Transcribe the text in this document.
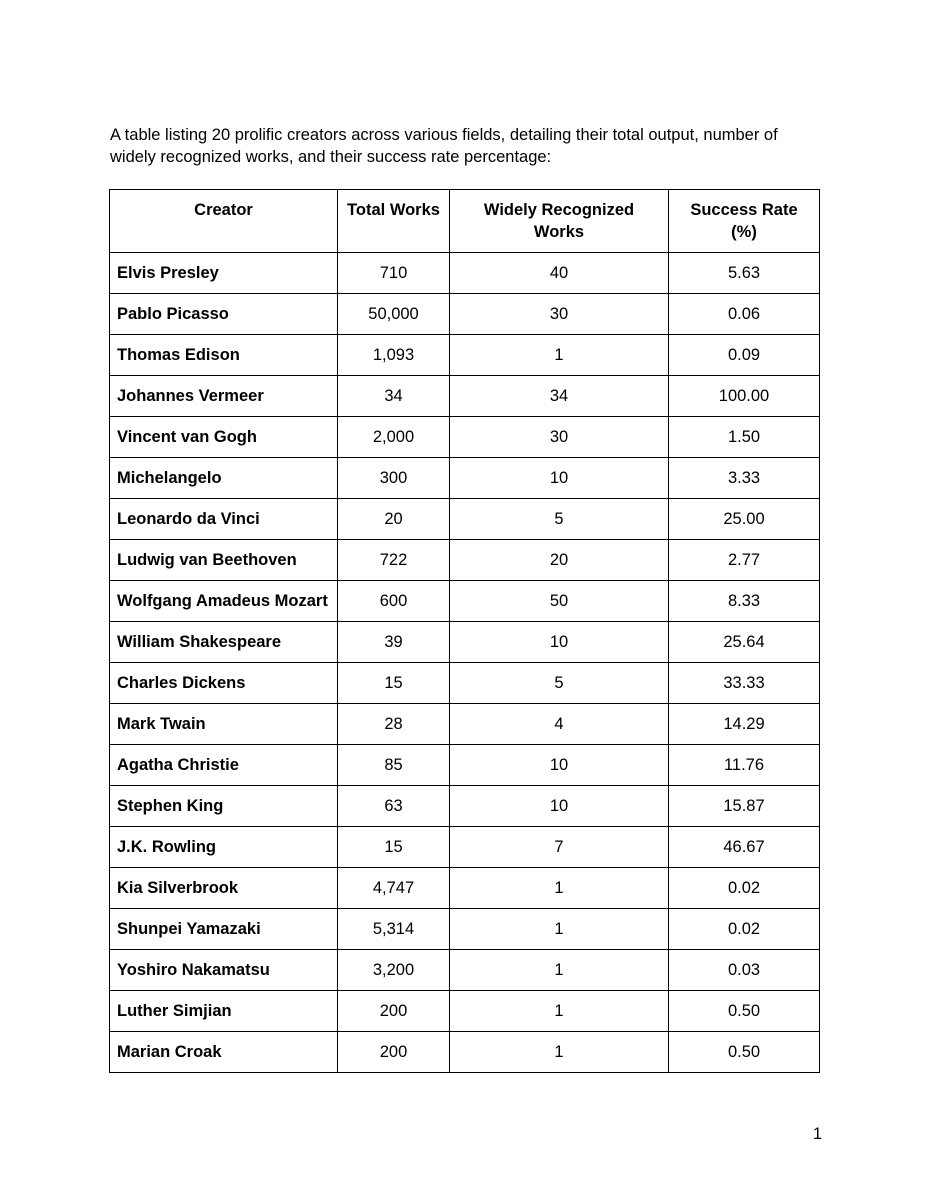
A table listing 20 prolific creators across various fields, detailing their total output, number of widely recognized works, and their success rate percentage:

Creator	Total Works	Widely Recognized Works	Success Rate (%)
Elvis Presley	710	40	5.63
Pablo Picasso	50,000	30	0.06
Thomas Edison	1,093	1	0.09
Johannes Vermeer	34	34	100.00
Vincent van Gogh	2,000	30	1.50
Michelangelo	300	10	3.33
Leonardo da Vinci	20	5	25.00
Ludwig van Beethoven	722	20	2.77
Wolfgang Amadeus Mozart	600	50	8.33
William Shakespeare	39	10	25.64
Charles Dickens	15	5	33.33
Mark Twain	28	4	14.29
Agatha Christie	85	10	11.76
Stephen King	63	10	15.87
J.K. Rowling	15	7	46.67
Kia Silverbrook	4,747	1	0.02
Shunpei Yamazaki	5,314	1	0.02
Yoshiro Nakamatsu	3,200	1	0.03
Luther Simjian	200	1	0.50
Marian Croak	200	1	0.50
1
